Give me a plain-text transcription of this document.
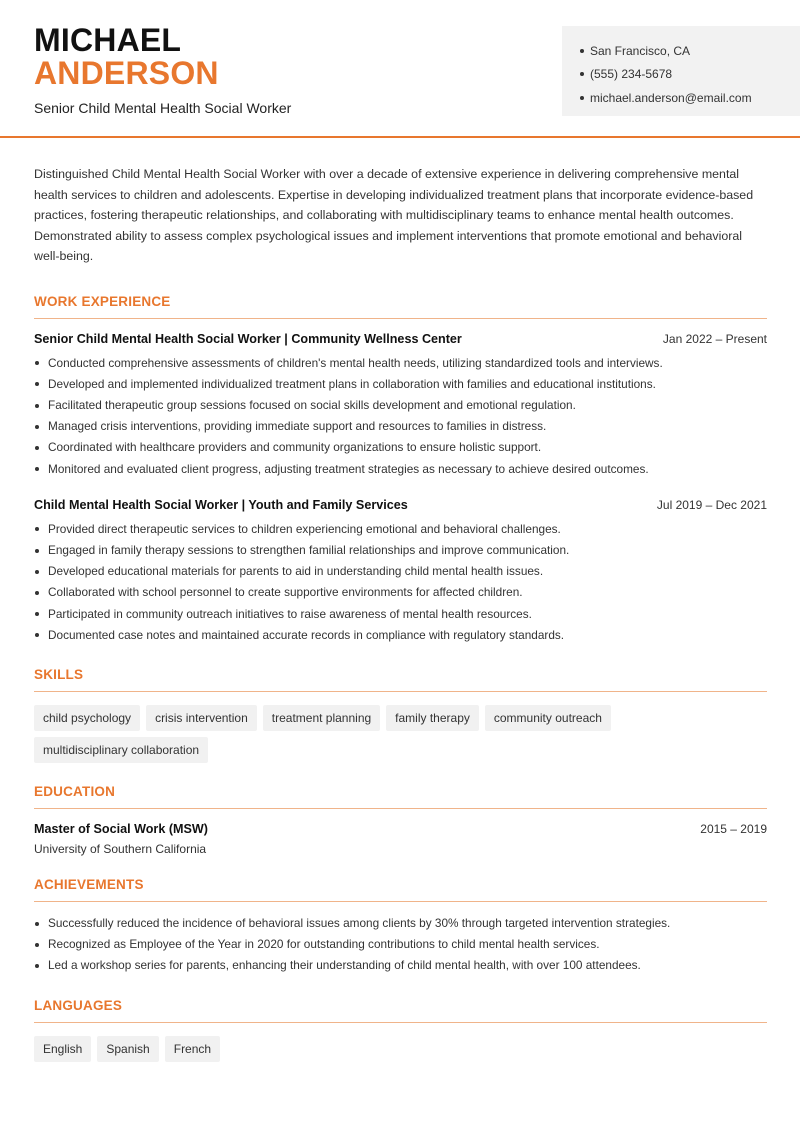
MICHAEL
ANDERSON
Senior Child Mental Health Social Worker
San Francisco, CA
(555) 234-5678
michael.anderson@email.com

Distinguished Child Mental Health Social Worker with over a decade of extensive experience in delivering comprehensive mental health services to children and adolescents. Expertise in developing individualized treatment plans that incorporate evidence-based practices, fostering therapeutic relationships, and collaborating with multidisciplinary teams to enhance mental health outcomes. Demonstrated ability to assess complex psychological issues and implement interventions that promote emotional and behavioral well-being.

WORK EXPERIENCE
Senior Child Mental Health Social Worker | Community Wellness Center	Jan 2022 – Present
Conducted comprehensive assessments of children's mental health needs, utilizing standardized tools and interviews.
Developed and implemented individualized treatment plans in collaboration with families and educational institutions.
Facilitated therapeutic group sessions focused on social skills development and emotional regulation.
Managed crisis interventions, providing immediate support and resources to families in distress.
Coordinated with healthcare providers and community organizations to ensure holistic support.
Monitored and evaluated client progress, adjusting treatment strategies as necessary to achieve desired outcomes.
Child Mental Health Social Worker | Youth and Family Services	Jul 2019 – Dec 2021
Provided direct therapeutic services to children experiencing emotional and behavioral challenges.
Engaged in family therapy sessions to strengthen familial relationships and improve communication.
Developed educational materials for parents to aid in understanding child mental health issues.
Collaborated with school personnel to create supportive environments for affected children.
Participated in community outreach initiatives to raise awareness of mental health resources.
Documented case notes and maintained accurate records in compliance with regulatory standards.
SKILLS
child psychology	crisis intervention	treatment planning	family therapy	community outreach
multidisciplinary collaboration
EDUCATION
Master of Social Work (MSW)	2015 – 2019
University of Southern California
ACHIEVEMENTS
Successfully reduced the incidence of behavioral issues among clients by 30% through targeted intervention strategies.
Recognized as Employee of the Year in 2020 for outstanding contributions to child mental health services.
Led a workshop series for parents, enhancing their understanding of child mental health, with over 100 attendees.
LANGUAGES
English	Spanish	French
